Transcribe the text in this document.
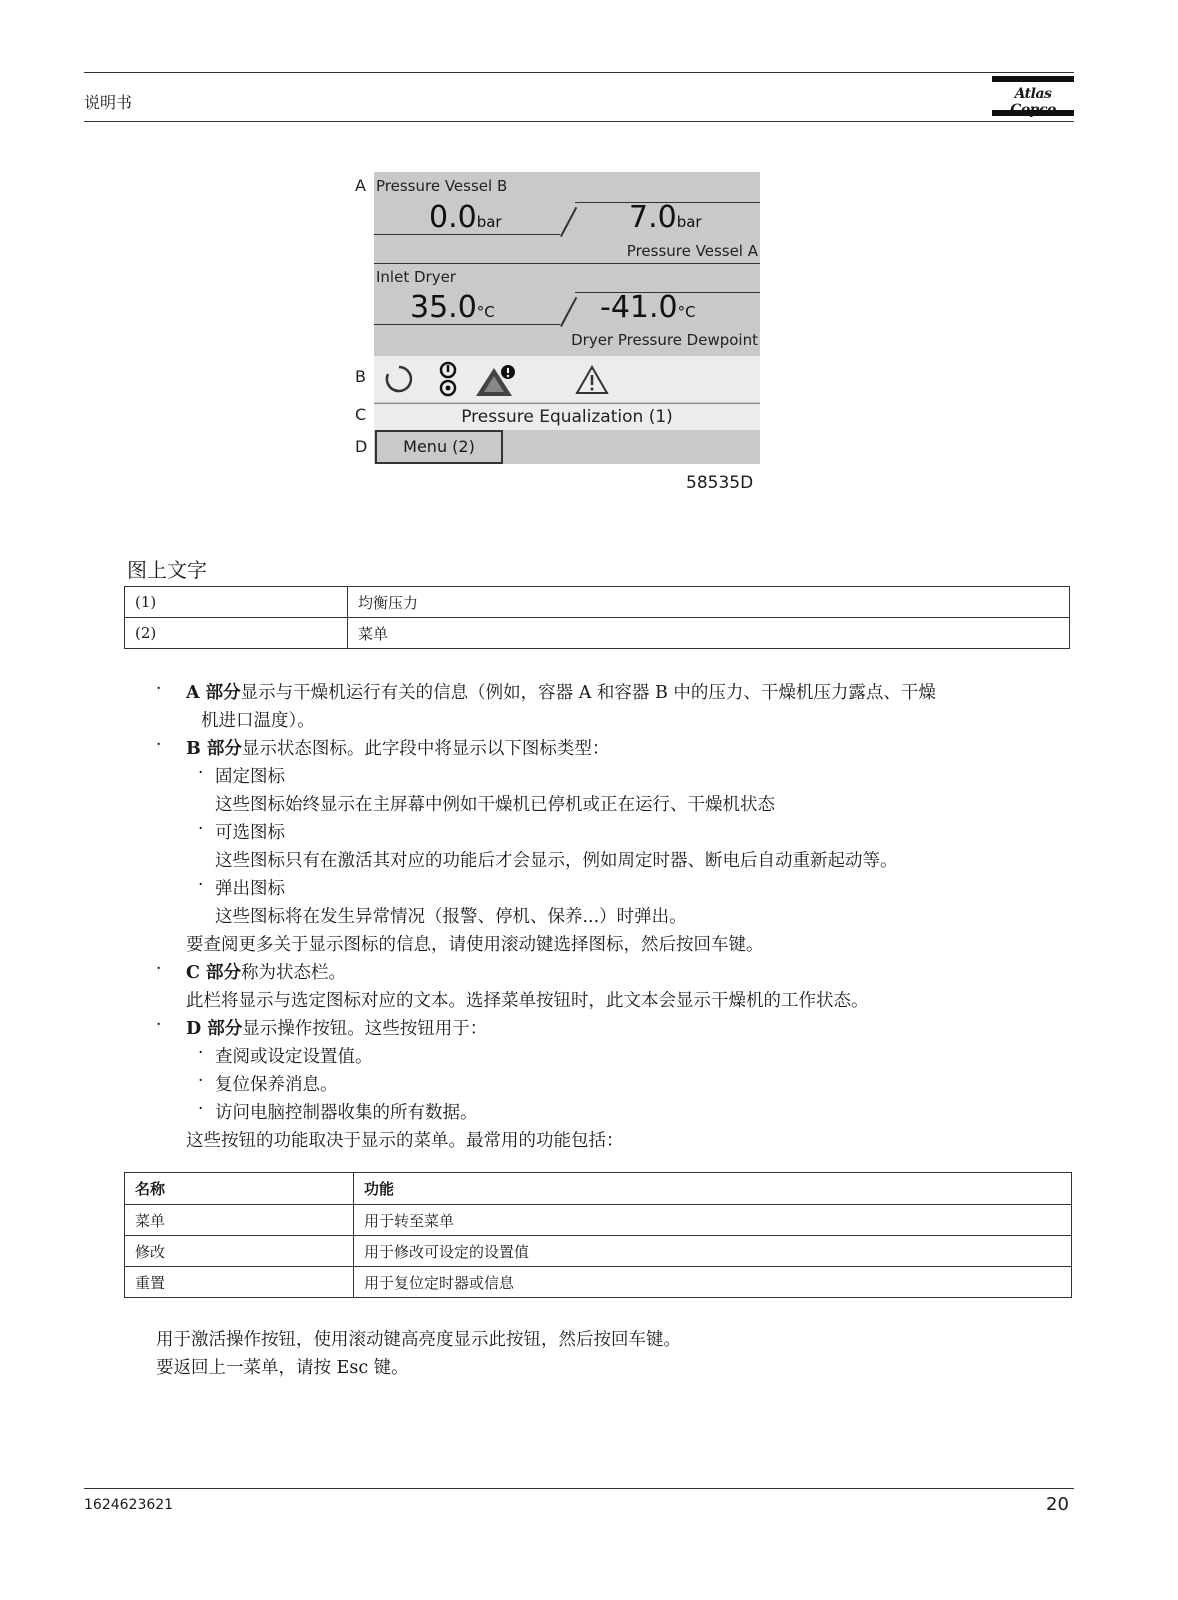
说明书	Atlas
A
B
C
D
Pressure Vessel B
0.0bar	7.0bar
Pressure Vessel A
Inlet Dryer
35.0°C	-41.0°C
Dryer Pressure Dewpoint
Pressure Equalization (1)
Menu (2)
58535D
图上文字
(1)	均衡压力
(2)	菜单
· A 部分显示与干燥机运行有关的信息（例如，容器 A 和容器 B 中的压力、干燥机压力露点、干燥
机进口温度）。
· B 部分显示状态图标。此字段中将显示以下图标类型：
· 固定图标
这些图标始终显示在主屏幕中例如干燥机已停机或正在运行、干燥机状态
· 可选图标
这些图标只有在激活其对应的功能后才会显示，例如周定时器、断电后自动重新起动等。
· 弹出图标
这些图标将在发生异常情况（报警、停机、保养...）时弹出。
要查阅更多关于显示图标的信息，请使用滚动键选择图标，然后按回车键。
· C 部分称为状态栏。
此栏将显示与选定图标对应的文本。选择菜单按钮时，此文本会显示干燥机的工作状态。
· D 部分显示操作按钮。这些按钮用于：
· 查阅或设定设置值。
· 复位保养消息。
· 访问电脑控制器收集的所有数据。
这些按钮的功能取决于显示的菜单。最常用的功能包括：
名称	功能
菜单	用于转至菜单
修改	用于修改可设定的设置值
重置	用于复位定时器或信息
用于激活操作按钮，使用滚动键高亮度显示此按钮，然后按回车键。
要返回上一菜单，请按 Esc 键。
1624623621	20
